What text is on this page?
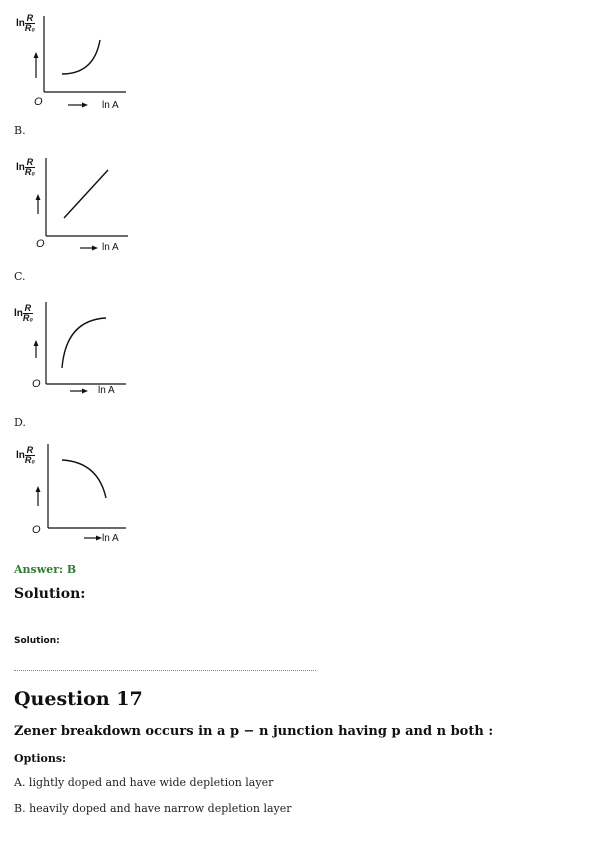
$\ln \frac{R}{\text{R₀}}$
O	ln A
B.
$\ln \frac{R}{\text{R₀}}$
O	ln A
C.
$\ln \frac{R}{\text{R₀}}$
O
ln A
D.
$\ln \frac{R}{\text{R₀}}$
O
ln A
Answer: B
Solution:
Solution:
Question 17
Zener breakdown occurs in a p − n junction having p and n both :
Options:
A. lightly doped and have wide depletion layer
B. heavily doped and have narrow depletion layer
